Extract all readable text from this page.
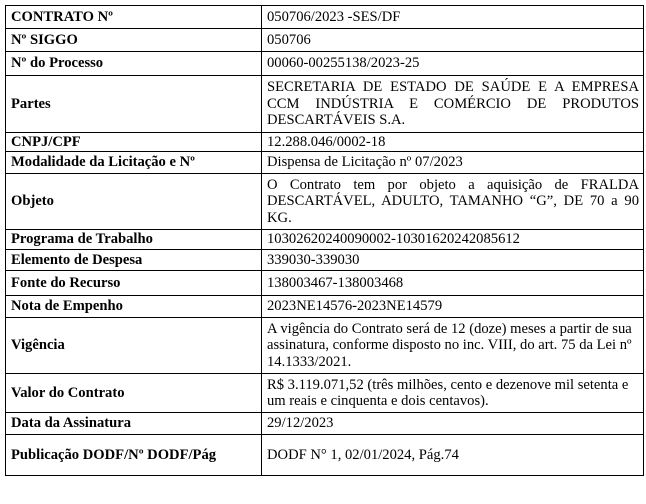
CONTRATO Nº	050706/2023 -SES/DF
Nº SIGGO	050706
Nº do Processo	00060-00255138/2023-25
Partes	SECRETARIA DE ESTADO DE SAÚDE E A EMPRESA CCM INDÚSTRIA E COMÉRCIO DE PRODUTOS DESCARTÁVEIS S.A.
CNPJ/CPF	12.288.046/0002-18
Modalidade da Licitação e Nº	Dispensa de Licitação nº 07/2023
Objeto	O Contrato tem por objeto a aquisição de FRALDA DESCARTÁVEL, ADULTO, TAMANHO “G”, DE 70 a 90 KG.
Programa de Trabalho	10302620240090002-10301620242085612
Elemento de Despesa	339030-339030
Fonte do Recurso	138003467-138003468
Nota de Empenho	2023NE14576-2023NE14579
Vigência	A vigência do Contrato será de 12 (doze) meses a partir de sua assinatura, conforme disposto no inc. VIII, do art. 75 da Lei nº 14.1333/2021.
Valor do Contrato	R$ 3.119.071,52 (três milhões, cento e dezenove mil setenta e um reais e cinquenta e dois centavos).
Data da Assinatura	29/12/2023
Publicação DODF/Nº DODF/Pág	DODF N° 1, 02/01/2024, Pág.74
